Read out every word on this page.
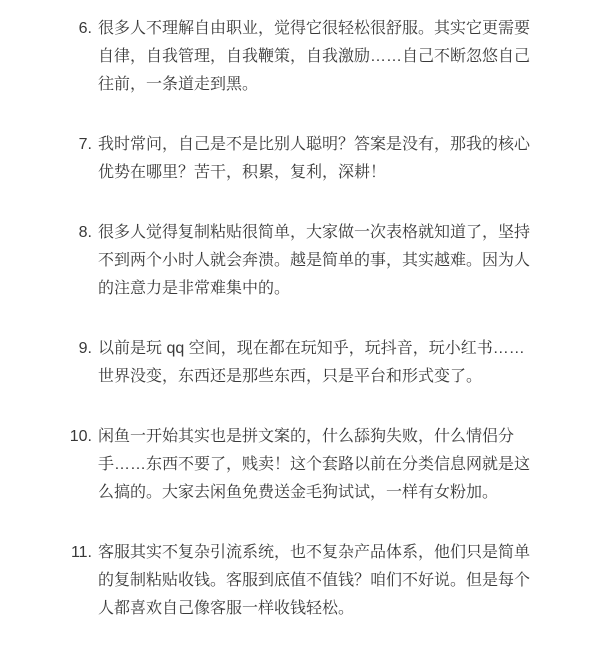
6. 很多人不理解自由职业，觉得它很轻松很舒服。其实它更需要自律，自我管理，自我鞭策，自我激励……自己不断忽悠自己往前，一条道走到黑。
7. 我时常问，自己是不是比别人聪明？答案是没有，那我的核心优势在哪里？苦干，积累，复利，深耕！
8. 很多人觉得复制粘贴很简单，大家做一次表格就知道了，坚持不到两个小时人就会奔溃。越是简单的事，其实越难。因为人的注意力是非常难集中的。
9. 以前是玩 qq 空间，现在都在玩知乎，玩抖音，玩小红书……世界没变，东西还是那些东西，只是平台和形式变了。
10. 闲鱼一开始其实也是拼文案的，什么舔狗失败，什么情侣分手……东西不要了，贱卖！这个套路以前在分类信息网就是这么搞的。大家去闲鱼免费送金毛狗试试，一样有女粉加。
11. 客服其实不复杂引流系统，也不复杂产品体系，他们只是简单的复制粘贴收钱。客服到底值不值钱？咱们不好说。但是每个人都喜欢自己像客服一样收钱轻松。
